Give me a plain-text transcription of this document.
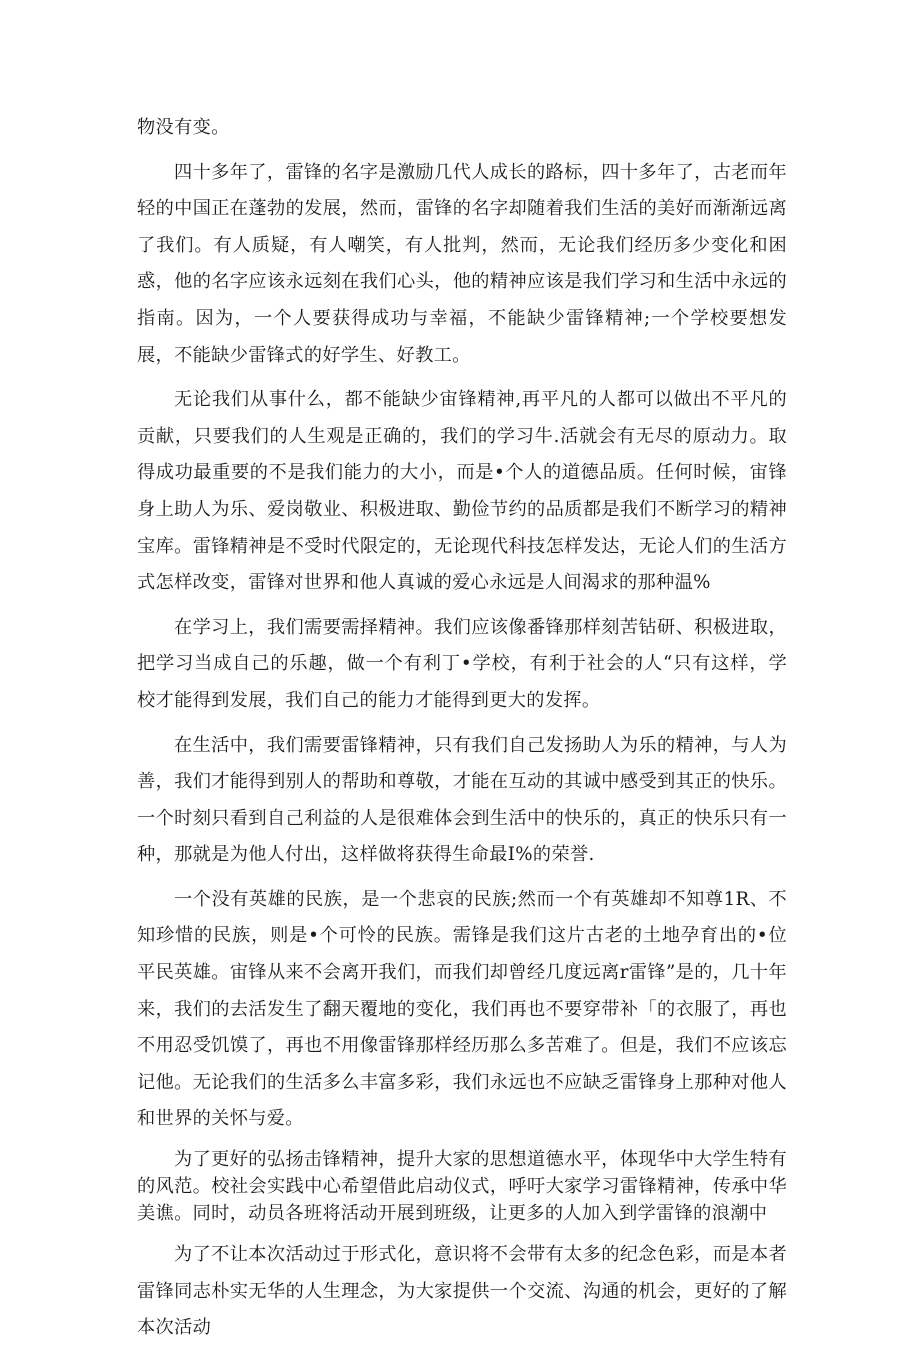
物没有变。

四十多年了，雷锋的名字是激励几代人成长的路标，四十多年了，古老而年轻的中国正在蓬勃的发展，然而，雷锋的名字却随着我们生活的美好而渐渐远离了我们。有人质疑，有人嘲笑，有人批判，然而，无论我们经历多少变化和困惑，他的名字应该永远刻在我们心头，他的精神应该是我们学习和生活中永远的指南。因为，一个人要获得成功与幸福，不能缺少雷锋精神;一个学校要想发展，不能缺少雷锋式的好学生、好教工。

无论我们从事什么，都不能缺少宙锋精神,再平凡的人都可以做出不平凡的贡献，只要我们的人生观是正确的，我们的学习牛.活就会有无尽的原动力。取得成功最重要的不是我们能力的大小，而是•个人的道德品质。任何时候，宙锋身上助人为乐、爱岗敬业、积极进取、勤俭节约的品质都是我们不断学习的精神宝库。雷锋精神是不受时代限定的，无论现代科技怎样发达，无论人们的生活方式怎样改变，雷锋对世界和他人真诚的爱心永远是人间渴求的那种温%

在学习上，我们需要需择精神。我们应该像番锋那样刻苦钻研、积极进取，把学习当成自己的乐趣，做一个有利丁•学校，有利于社会的人“只有这样，学校才能得到发展，我们自己的能力才能得到更大的发挥。

在生活中，我们需要雷锋精神，只有我们自己发扬助人为乐的精神，与人为善，我们才能得到别人的帮助和尊敬，才能在互动的其诚中感受到其正的快乐。一个时刻只看到自己利益的人是很难体会到生活中的快乐的，真正的快乐只有一种，那就是为他人付出，这样做将获得生命最I%的荣誉.

一个没有英雄的民族，是一个悲哀的民族;然而一个有英雄却不知尊1R、不知珍惜的民族，则是•个可怜的民族。需锋是我们这片古老的土地孕育出的•位平民英雄。宙锋从来不会离开我们，而我们却曾经几度远离r雷锋”是的，几十年来，我们的去活发生了翻天覆地的变化，我们再也不要穿带补「的衣服了，再也不用忍受饥馍了，再也不用像雷锋那样经历那么多苦难了。但是，我们不应该忘记他。无论我们的生活多么丰富多彩，我们永远也不应缺乏雷锋身上那种对他人和世界的关怀与爱。

为了更好的弘扬击锋精神，提升大家的思想道德水平，体现华中大学生特有的风范。校社会实践中心希望借此启动仪式，呼吁大家学习雷锋精神，传承中华美谯。同时，动员各班将活动开展到班级，让更多的人加入到学雷锋的浪潮中

为了不让本次活动过于形式化，意识将不会带有太多的纪念色彩，而是本者雷锋同志朴实无华的人生理念，为大家提供一个交流、沟通的机会，更好的了解本次活动
